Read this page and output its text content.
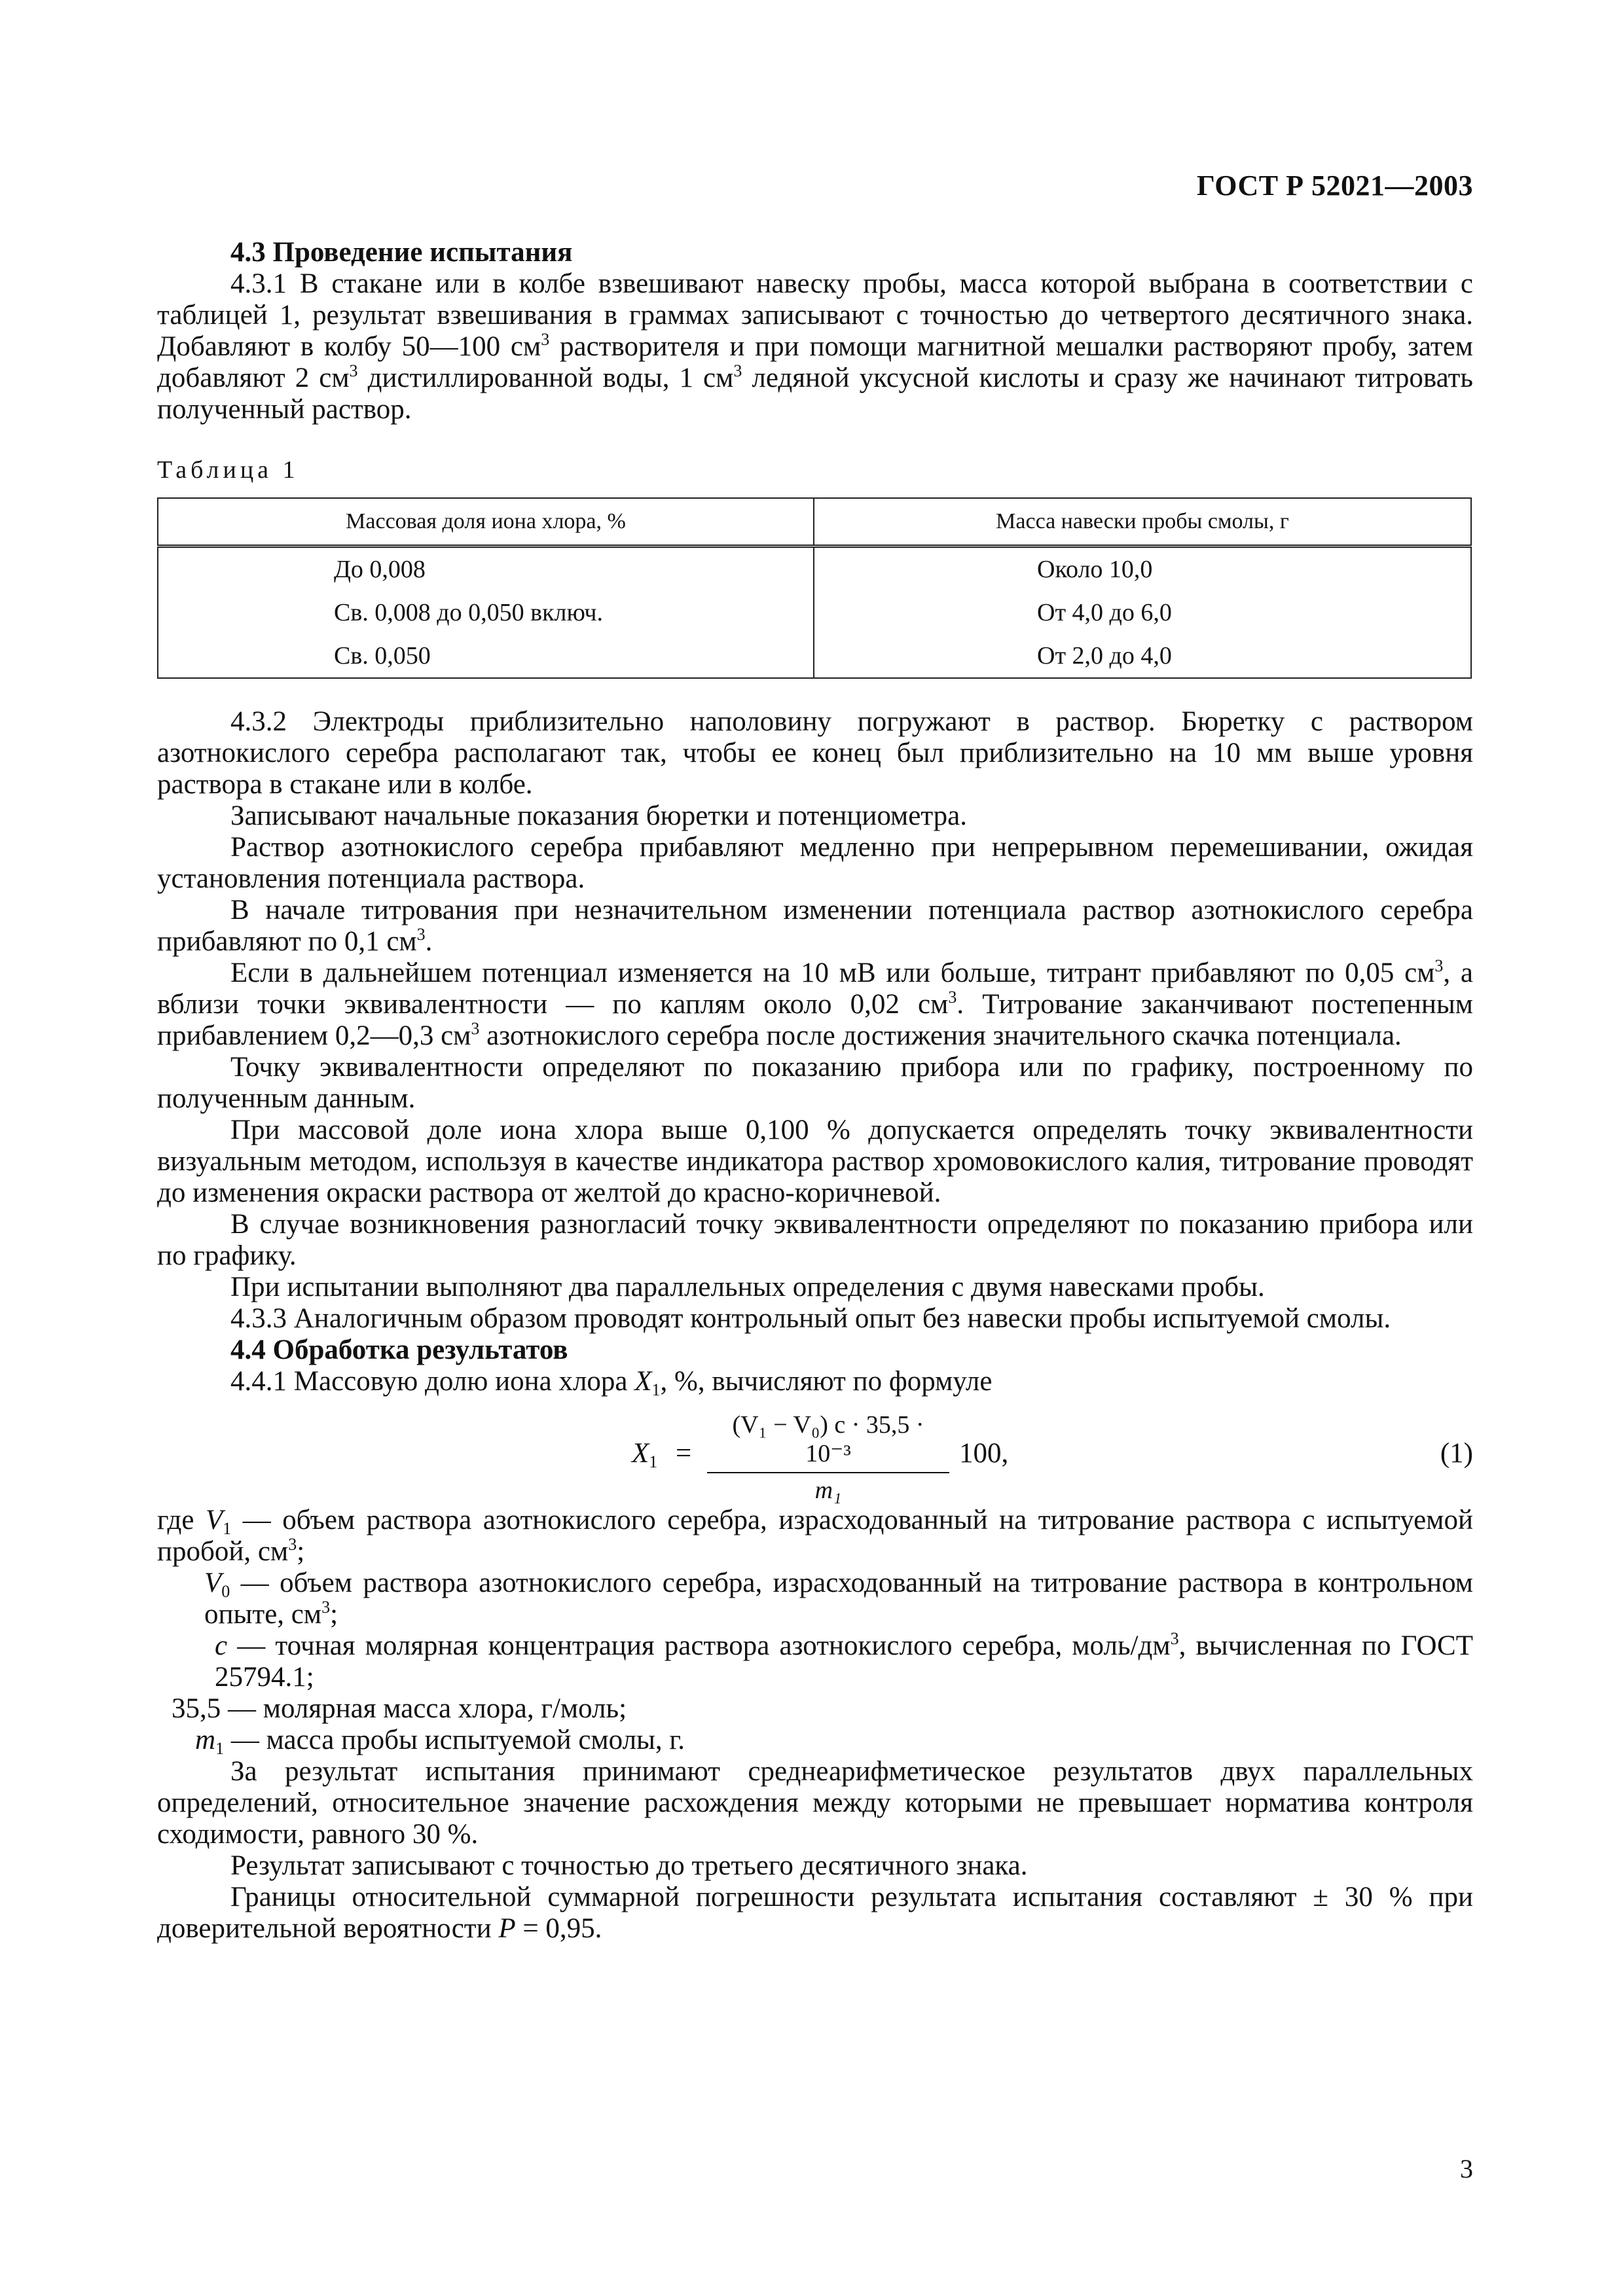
ГОСТ Р 52021—2003

4.3 Проведение испытания

4.3.1 В стакане или в колбе взвешивают навеску пробы, масса которой выбрана в соответствии с таблицей 1, результат взвешивания в граммах записывают с точностью до четвертого десятичного знака. Добавляют в колбу 50—100 $см^3$ растворителя и при помощи магнитной мешалки растворяют пробу, затем добавляют 2 $см^3$ дистиллированной воды, 1 $см^3$ ледяной уксусной кислоты и сразу же начинают титровать полученный раствор.

Таблица 1
Массовая доля иона хлора, %	Масса навески пробы смолы, г
До 0,008	Около 10,0
Св. 0,008 до 0,050 включ.	От 4,0 до 6,0
Св. 0,050	От 2,0 до 4,0

4.3.2 Электроды приблизительно наполовину погружают в раствор. Бюретку с раствором азотнокислого серебра располагают так, чтобы ее конец был приблизительно на 10 мм выше уровня раствора в стакане или в колбе.

Записывают начальные показания бюретки и потенциометра.

Раствор азотнокислого серебра прибавляют медленно при непрерывном перемешивании, ожидая установления потенциала раствора.

В начале титрования при незначительном изменении потенциала раствор азотнокислого серебра прибавляют по 0,1 $см^3$.

Если в дальнейшем потенциал изменяется на 10 мВ или больше, титрант прибавляют по 0,05 $см^3$, а вблизи точки эквивалентности — по каплям около 0,02 $см^3$. Титрование заканчивают постепенным прибавлением 0,2—0,3 $см^3$ азотнокислого серебра после достижения значительного скачка потенциала.

Точку эквивалентности определяют по показанию прибора или по графику, построенному по полученным данным.

При массовой доле иона хлора выше 0,100 % допускается определять точку эквивалентности визуальным методом, используя в качестве индикатора раствор хромовокислого калия, титрование проводят до изменения окраски раствора от желтой до красно-коричневой.

В случае возникновения разногласий точку эквивалентности определяют по показанию прибора или по графику.

При испытании выполняют два параллельных определения с двумя навесками пробы.

4.3.3 Аналогичным образом проводят контрольный опыт без навески пробы испытуемой смолы.

4.4 Обработка результатов

4.4.1 Массовую долю иона хлора $X_1$, %, вычисляют по формуле

$X_1 = \frac{\text{(V₁ − V₀) c · 35,5 · 10⁻³}}{\text{m₁}} 100$,	(1)

где $V_1$ — объем раствора азотнокислого серебра, израсходованный на титрование раствора с испытуемой пробой, $см^3$;

$V_0$ — объем раствора азотнокислого серебра, израсходованный на титрование раствора в контрольном опыте, $см^3$;

c — точная молярная концентрация раствора азотнокислого серебра, моль/$дм^3$, вычисленная по ГОСТ 25794.1;

35,5 — молярная масса хлора, г/моль;

$m_1$ — масса пробы испытуемой смолы, г.

За результат испытания принимают среднеарифметическое результатов двух параллельных определений, относительное значение расхождения между которыми не превышает норматива контроля сходимости, равного 30 %.

Результат записывают с точностью до третьего десятичного знака.

Границы относительной суммарной погрешности результата испытания составляют ± 30 % при доверительной вероятности P = 0,95.

3
